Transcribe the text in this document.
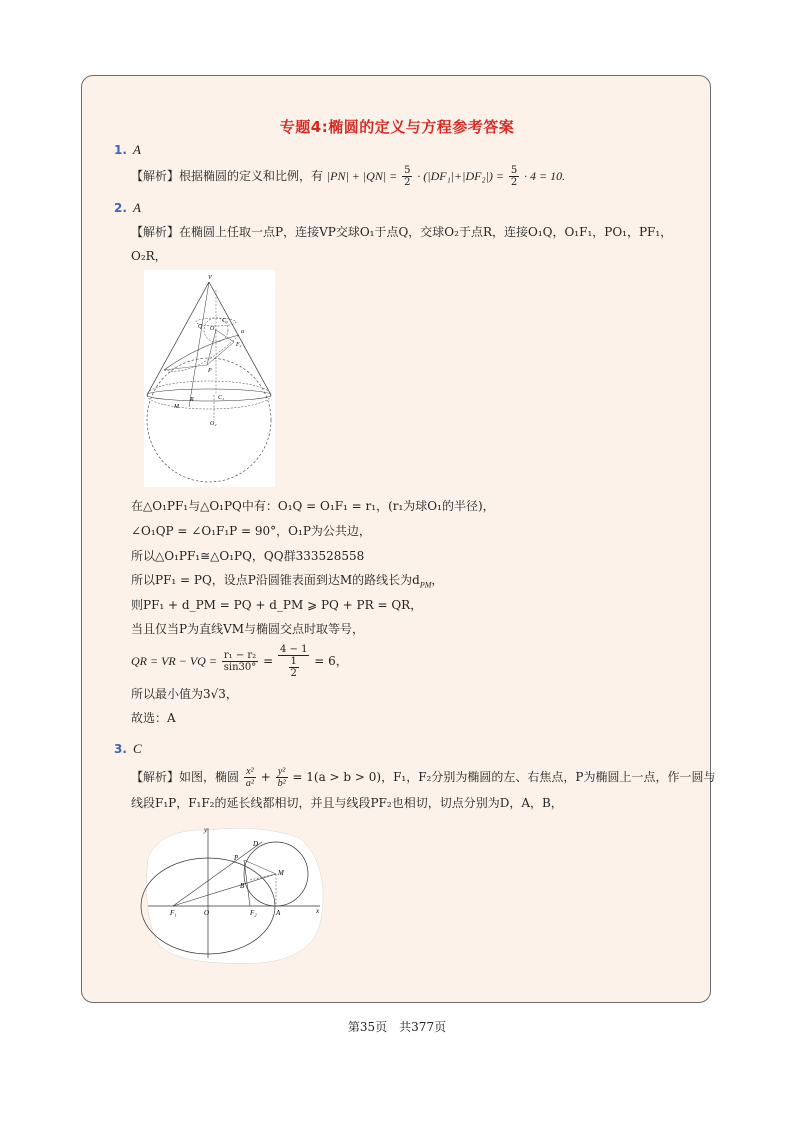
专题4:椭圆的定义与方程参考答案
1. A
【解析】根据椭圆的定义和比例，有 $|PN| + |QN| = \frac{5}{2} \cdot (|DF_1|+|DF_2|) = \frac{5}{2} \cdot 4 = 10$.
2. A
【解析】在椭圆上任取一点P，连接VP交球O₁于点Q，交球O₂于点R，连接O₁Q，O₁F₁，PO₁，PF₁，
O₂R，
V
C₂
Q O₁	a
F₁
P
R	C₁
M
O₂
在△O₁PF₁与△O₁PQ中有：O₁Q = O₁F₁ = r₁，(r₁为球O₁的半径)，
∠O₁QP = ∠O₁F₁P = 90°，O₁P为公共边，
所以△O₁PF₁≅△O₁PQ，QQ群333528558
所以PF₁ = PQ，设点P沿圆锥表面到达M的路线长为$d_{PM}$，
则PF₁ + d_PM = PQ + d_PM ⩾ PQ + PR = QR，
当且仅当P为直线VM与椭圆交点时取等号，
QR = VR − VQ = $\frac{\text{r₁ − r₂}}{\sin 30^\circ} = \frac{4 - 1}{\frac{1}{2}} = 6$，
所以最小值为3√3，
故选：A
3. C
【解析】如图，椭圆 $\frac{\text{x²}}{\text{a²}} + \frac{\text{y²}}{\text{b²}} = 1(a > b > 0)$，F₁，F₂分别为椭圆的左、右焦点，P为椭圆上一点，作一圆与
线段F₁P，F₁F₂的延长线都相切，并且与线段PF₂也相切，切点分别为D，A，B，
y
D
P
M
B
F₁	O	F₂	A	x
第35页　共377页
